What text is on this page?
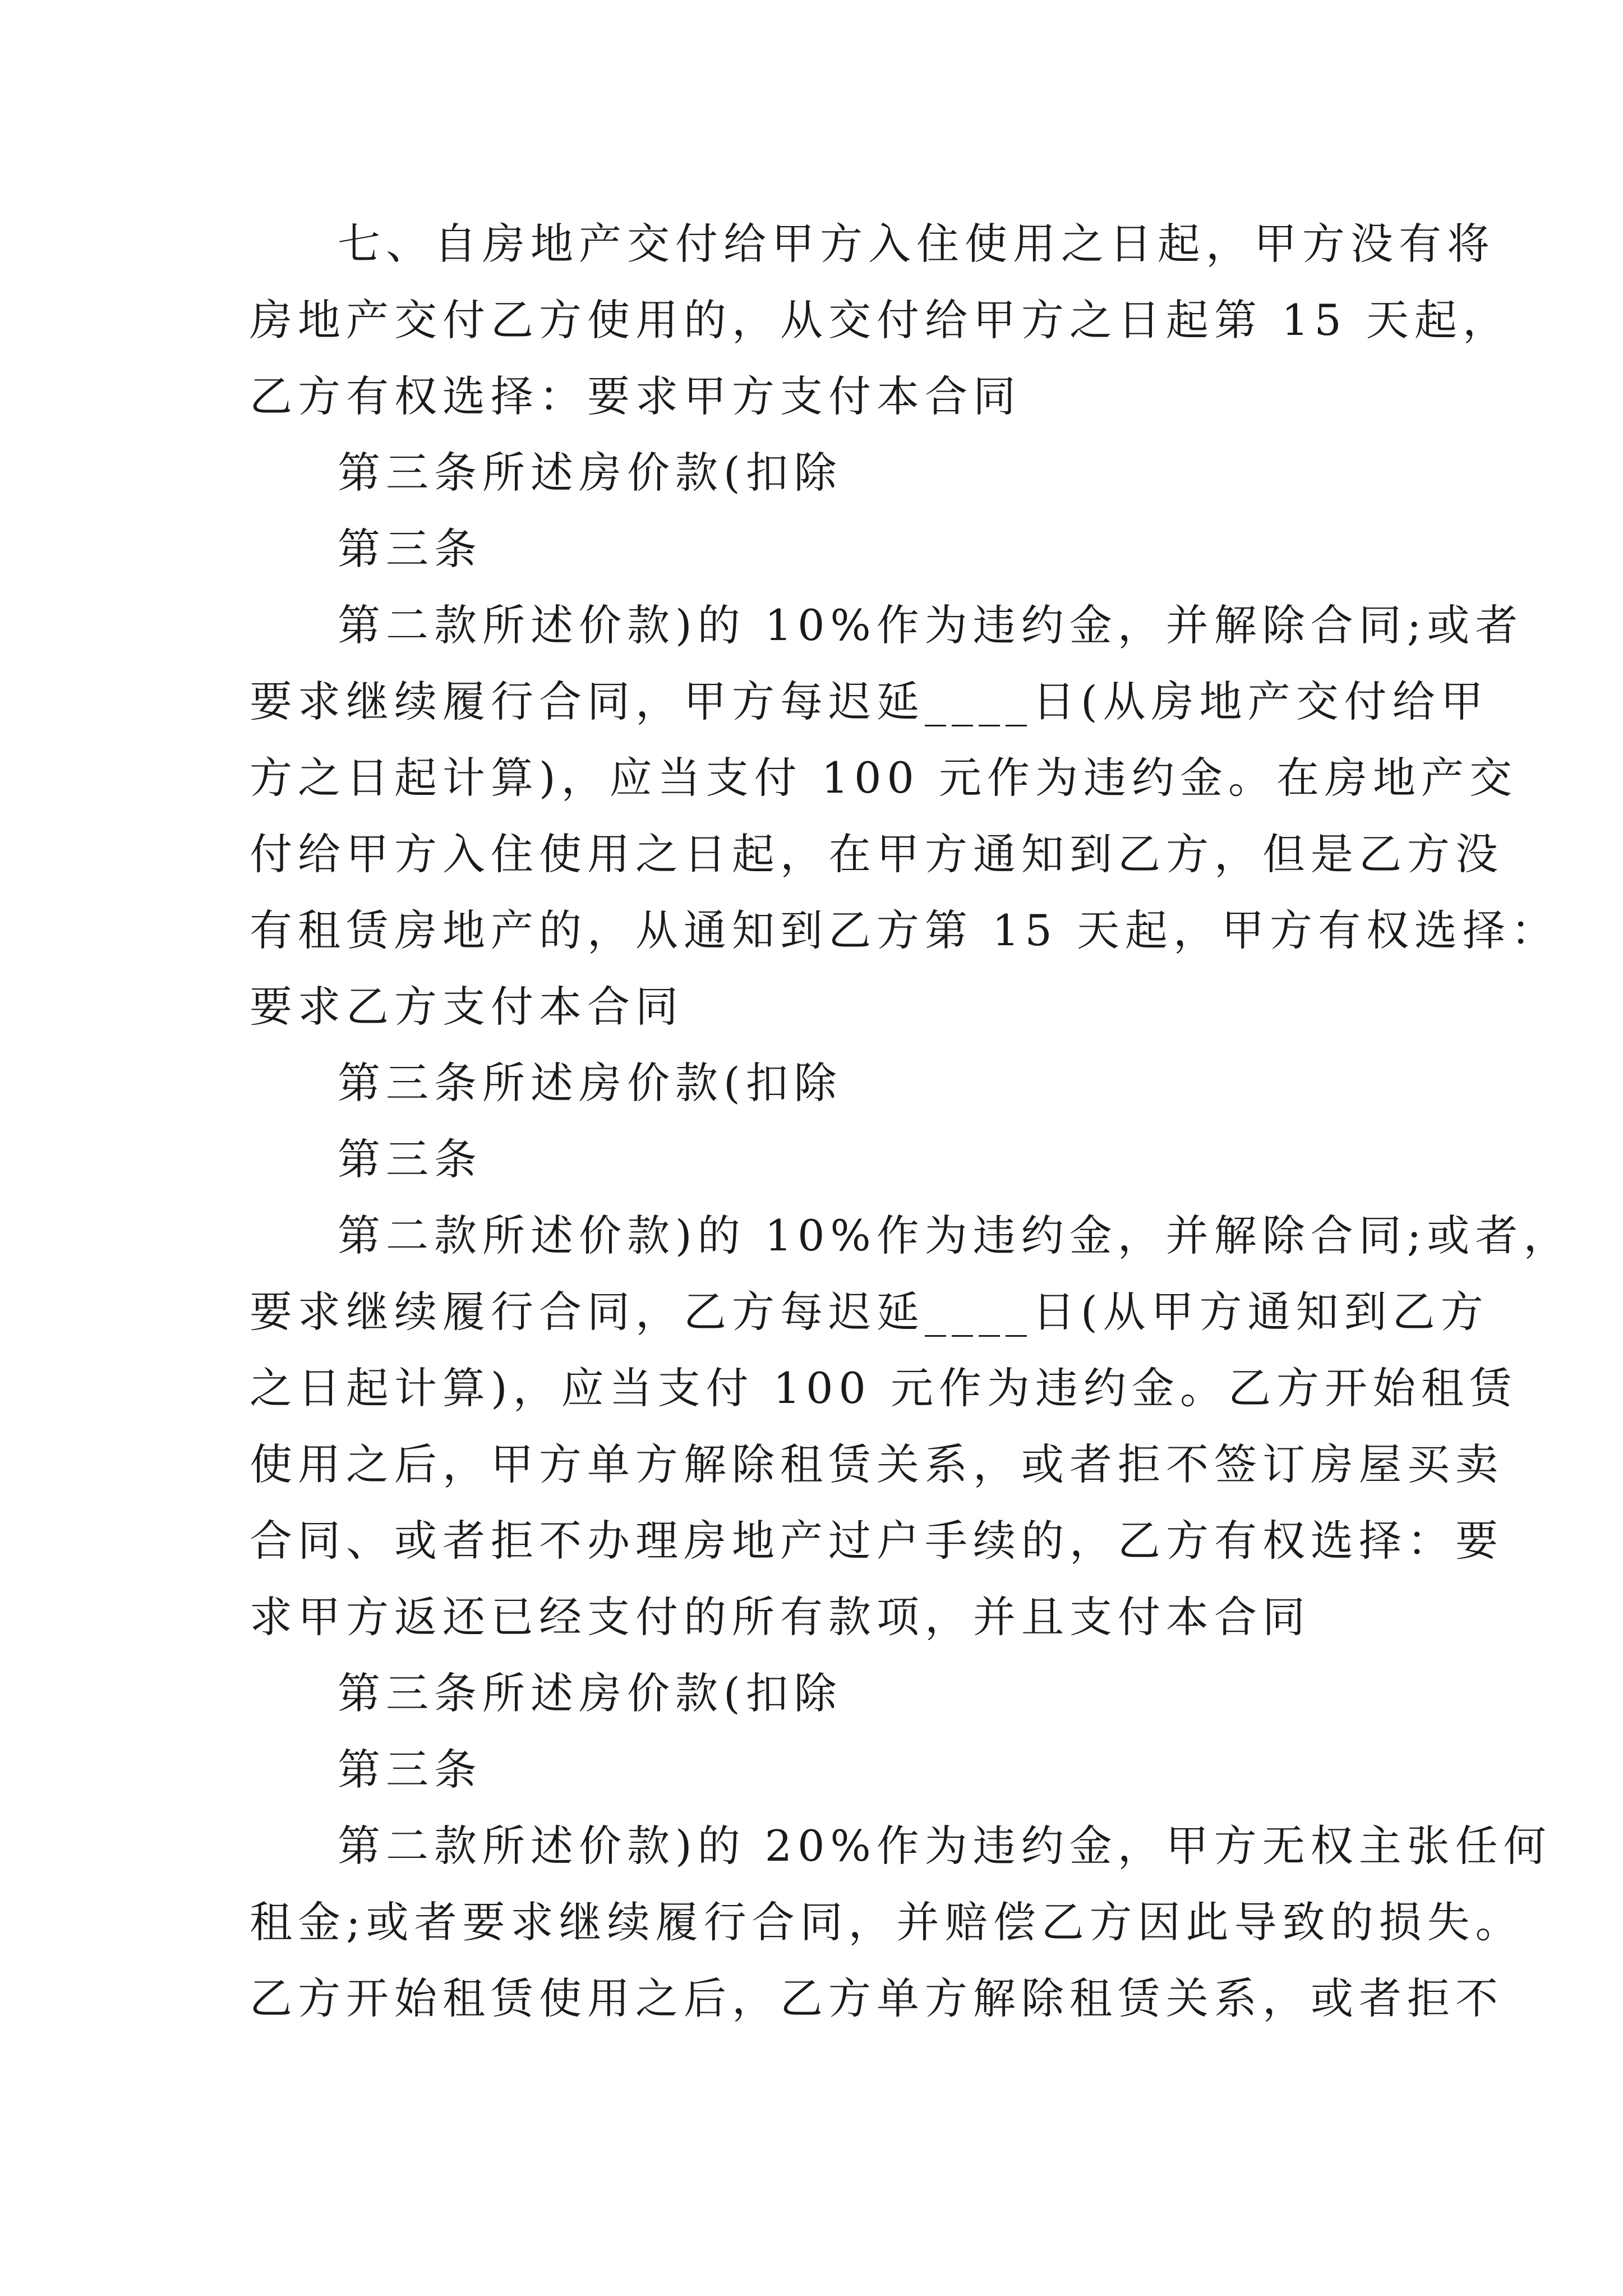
七、自房地产交付给甲方入住使用之日起，甲方没有将
房地产交付乙方使用的，从交付给甲方之日起第 15 天起，
乙方有权选择：要求甲方支付本合同
第三条所述房价款(扣除
第三条
第二款所述价款)的 10%作为违约金，并解除合同;或者
要求继续履行合同，甲方每迟延____日(从房地产交付给甲
方之日起计算)，应当支付 100 元作为违约金。在房地产交
付给甲方入住使用之日起，在甲方通知到乙方，但是乙方没
有租赁房地产的，从通知到乙方第 15 天起，甲方有权选择：
要求乙方支付本合同
第三条所述房价款(扣除
第三条
第二款所述价款)的 10%作为违约金，并解除合同;或者，
要求继续履行合同，乙方每迟延____日(从甲方通知到乙方
之日起计算)，应当支付 100 元作为违约金。乙方开始租赁
使用之后，甲方单方解除租赁关系，或者拒不签订房屋买卖
合同、或者拒不办理房地产过户手续的，乙方有权选择：要
求甲方返还已经支付的所有款项，并且支付本合同
第三条所述房价款(扣除
第三条
第二款所述价款)的 20%作为违约金，甲方无权主张任何
租金;或者要求继续履行合同，并赔偿乙方因此导致的损失。
乙方开始租赁使用之后，乙方单方解除租赁关系，或者拒不
